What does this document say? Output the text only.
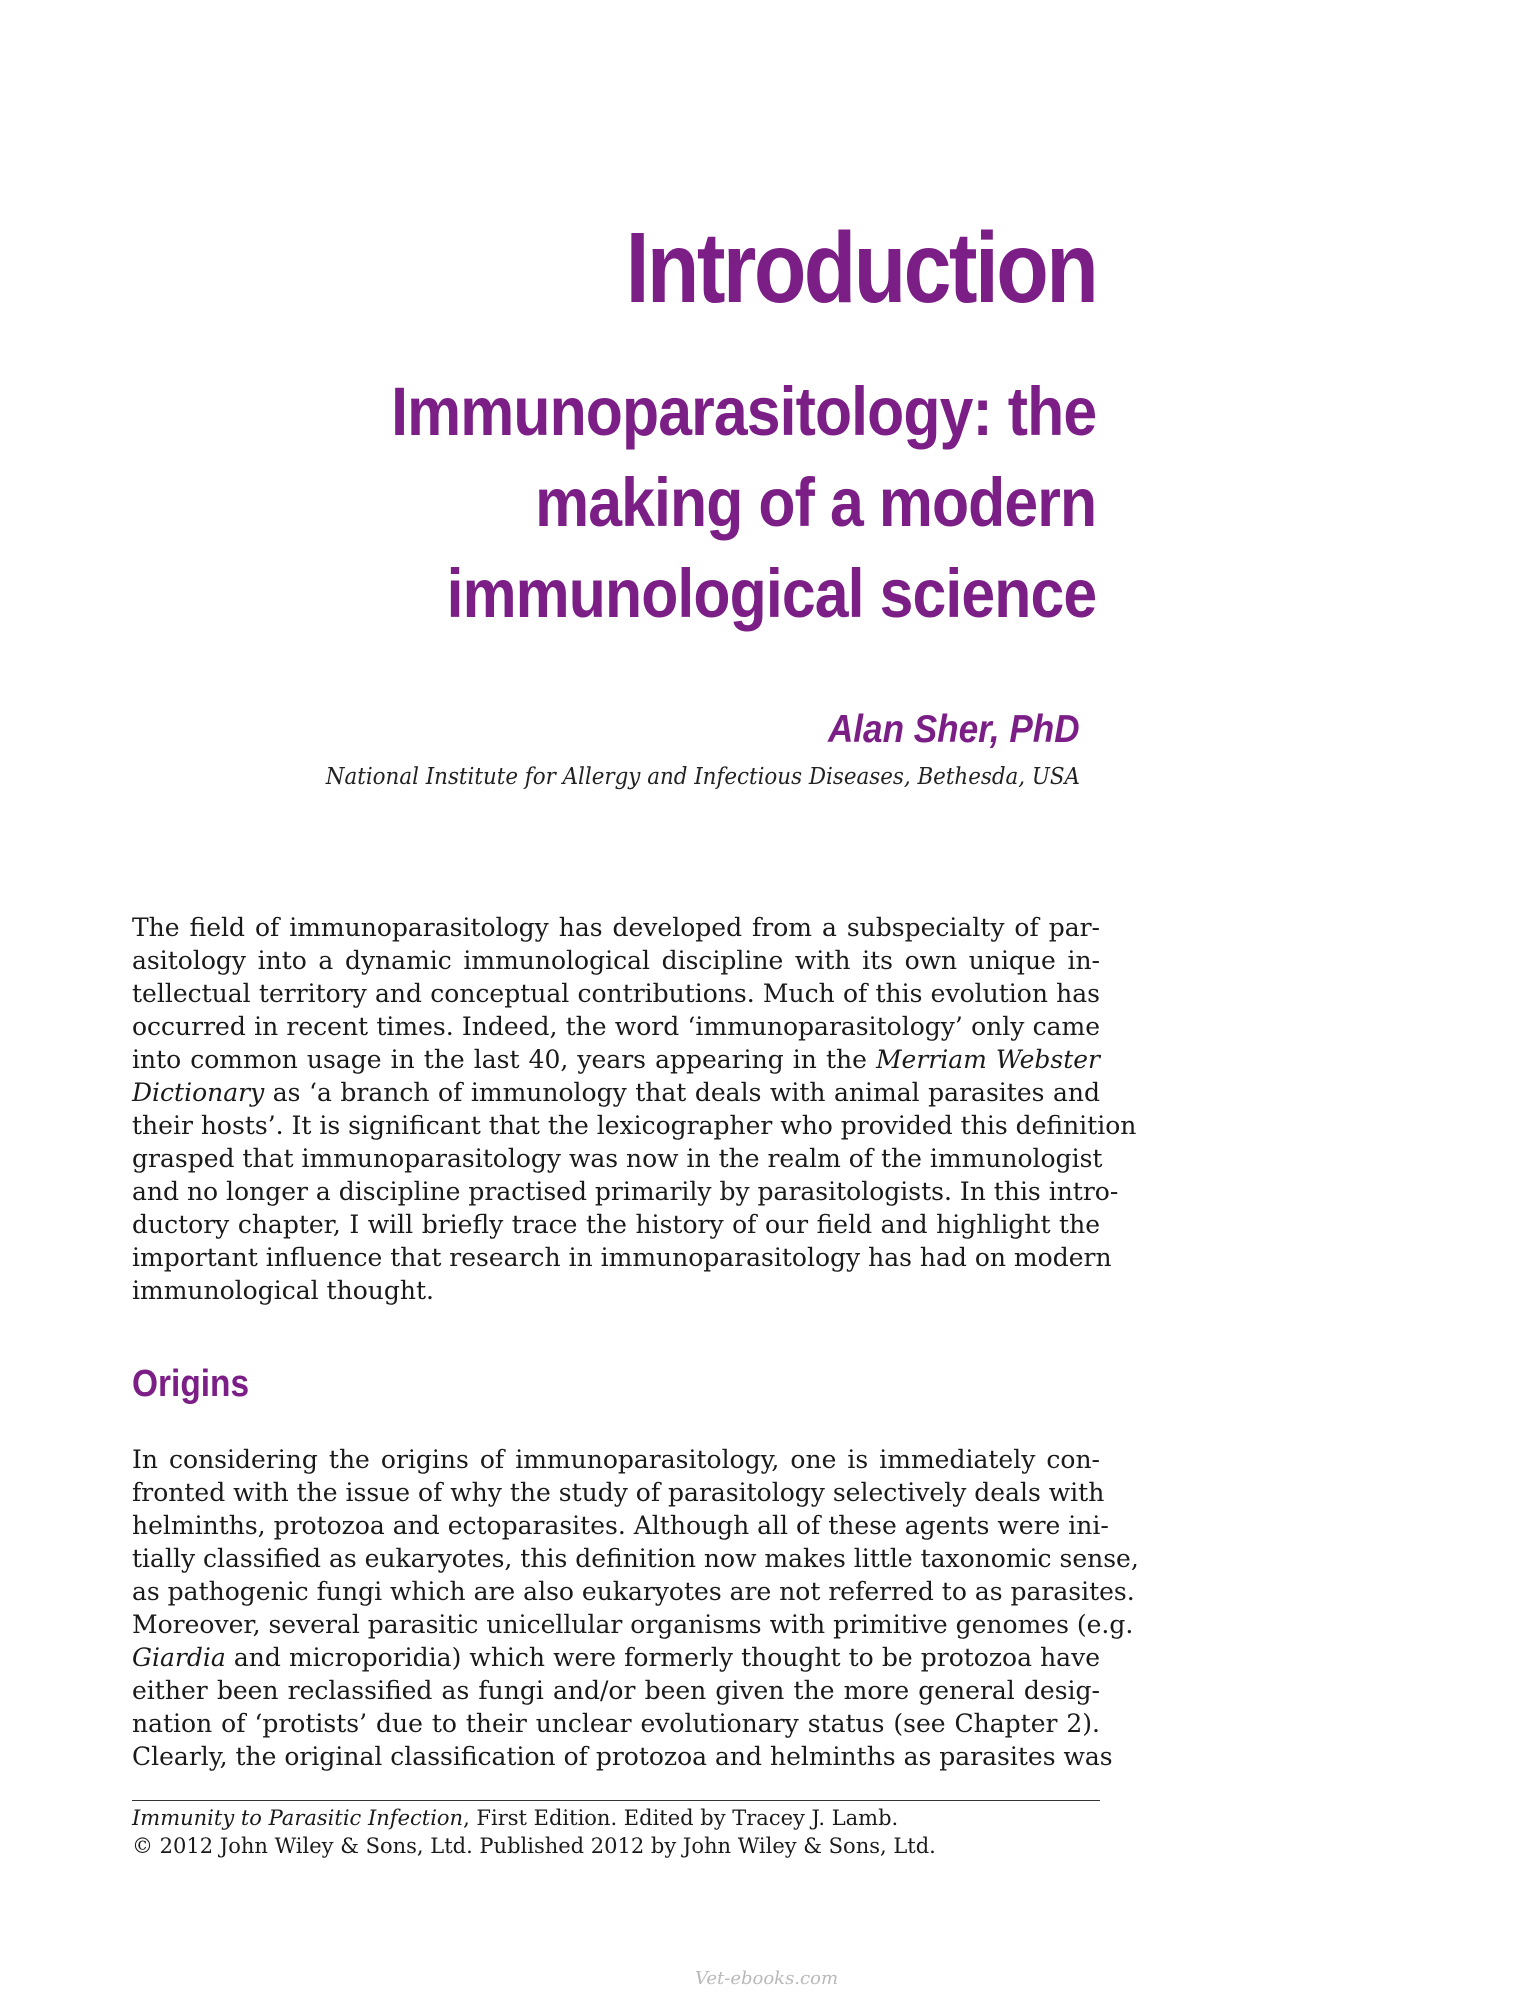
Introduction
Immunoparasitology: the
making of a modern
immunological science

Alan Sher, PhD

National Institute for Allergy and Infectious Diseases, Bethesda, USA

The field of immunoparasitology has developed from a subspecialty of par-
asitology into a dynamic immunological discipline with its own unique in-
tellectual territory and conceptual contributions. Much of this evolution has
occurred in recent times. Indeed, the word ‘immunoparasitology’ only came
into common usage in the last 40, years appearing in the Merriam Webster
Dictionary as ‘a branch of immunology that deals with animal parasites and
their hosts’. It is significant that the lexicographer who provided this definition
grasped that immunoparasitology was now in the realm of the immunologist
and no longer a discipline practised primarily by parasitologists. In this intro-
ductory chapter, I will briefly trace the history of our field and highlight the
important influence that research in immunoparasitology has had on modern
immunological thought.
Origins
In considering the origins of immunoparasitology, one is immediately con-
fronted with the issue of why the study of parasitology selectively deals with
helminths, protozoa and ectoparasites. Although all of these agents were ini-
tially classified as eukaryotes, this definition now makes little taxonomic sense,
as pathogenic fungi which are also eukaryotes are not referred to as parasites.
Moreover, several parasitic unicellular organisms with primitive genomes (e.g.
Giardia and microporidia) which were formerly thought to be protozoa have
either been reclassified as fungi and/or been given the more general desig-
nation of ‘protists’ due to their unclear evolutionary status (see Chapter 2).
Clearly, the original classification of protozoa and helminths as parasites was
Immunity to Parasitic Infection, First Edition. Edited by Tracey J. Lamb.
© 2012 John Wiley & Sons, Ltd. Published 2012 by John Wiley & Sons, Ltd.
Vet-ebooks.com
